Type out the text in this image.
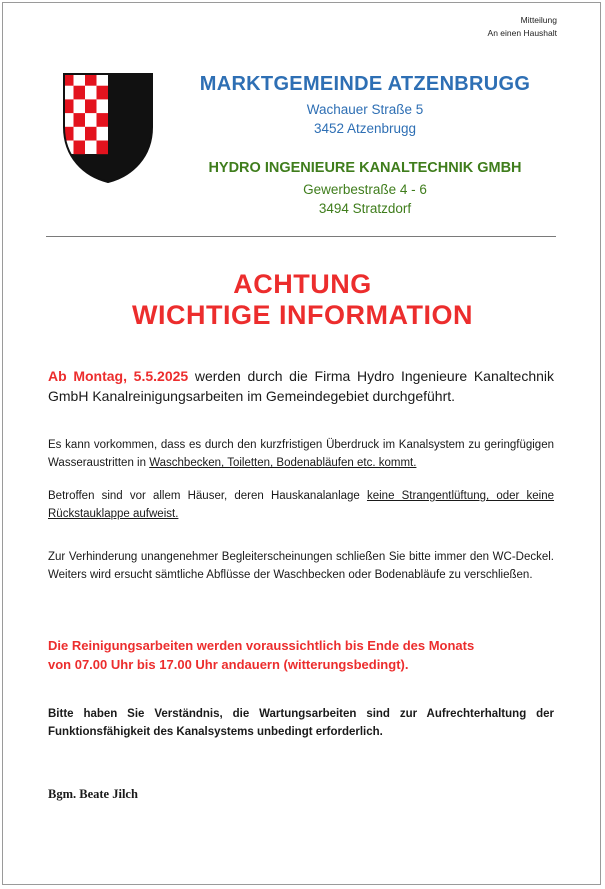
Mitteilung
An einen Haushalt
MARKTGEMEINDE ATZENBRUGG
Wachauer Straße 5
3452 Atzenbrugg
HYDRO INGENIEURE KANALTECHNIK GMBH
Gewerbestraße 4 - 6
3494 Stratzdorf
ACHTUNG
WICHTIGE INFORMATION
Ab Montag, 5.5.2025 werden durch die Firma Hydro Ingenieure Kanaltechnik GmbH Kanalreinigungsarbeiten im Gemeindegebiet durchgeführt.
Es kann vorkommen, dass es durch den kurzfristigen Überdruck im Kanalsystem zu geringfügigen Wasseraustritten in Waschbecken, Toiletten, Bodenabläufen etc. kommt.
Betroffen sind vor allem Häuser, deren Hauskanalanlage keine Strangentlüftung, oder keine Rückstauklappe aufweist.
Zur Verhinderung unangenehmer Begleiterscheinungen schließen Sie bitte immer den WC-Deckel. Weiters wird ersucht sämtliche Abflüsse der Waschbecken oder Bodenabläufe zu verschließen.
Die Reinigungsarbeiten werden voraussichtlich bis Ende des Monats
von 07.00 Uhr bis 17.00 Uhr andauern (witterungsbedingt).
Bitte haben Sie Verständnis, die Wartungsarbeiten sind zur Aufrechterhaltung der Funktionsfähigkeit des Kanalsystems unbedingt erforderlich.
Bgm. Beate Jilch
